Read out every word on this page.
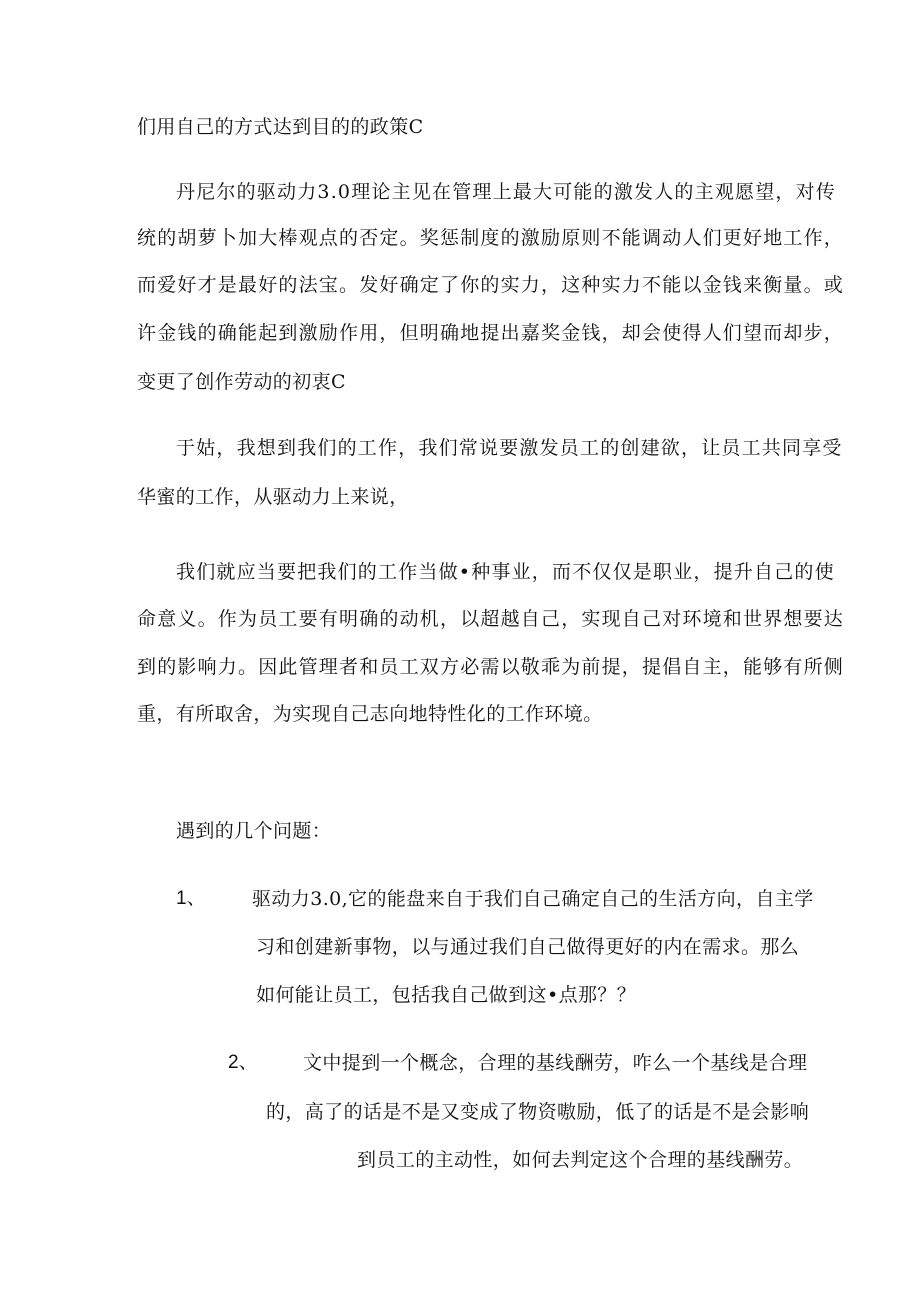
们用自己的方式达到目的的政策C
丹尼尔的驱动力3.0理论主见在管理上最大可能的激发人的主观愿望，对传
统的胡萝卜加大棒观点的否定。奖惩制度的激励原则不能调动人们更好地工作，
而爱好才是最好的法宝。发好确定了你的实力，这种实力不能以金钱来衡量。或
许金钱的确能起到激励作用，但明确地提出嘉奖金钱，却会使得人们望而却步，
变更了创作劳动的初衷C
于姑，我想到我们的工作，我们常说要激发员工的创建欲，让员工共同享受
华蜜的工作，从驱动力上来说，
我们就应当要把我们的工作当做•种事业，而不仅仅是职业，提升自己的使
命意义。作为员工要有明确的动机，以超越自己，实现自己对环境和世界想要达
到的影响力。因此管理者和员工双方必需以敬乖为前提，提倡自主，能够有所侧
重，有所取舍，为实现自己志向地特性化的工作环境。
遇到的几个问题：
1、 驱动力3.0,它的能盘来自于我们自己确定自己的生活方向，自主学
习和创建新事物，以与通过我们自己做得更好的内在需求。那么
如何能让员工，包括我自己做到这•点那？？
2、 文中提到一个概念，合理的基线酬劳，咋么一个基线是合理
的，高了的话是不是又变成了物资嗷励，低了的话是不是会影响
到员工的主动性，如何去判定这个合理的基线酬劳。
